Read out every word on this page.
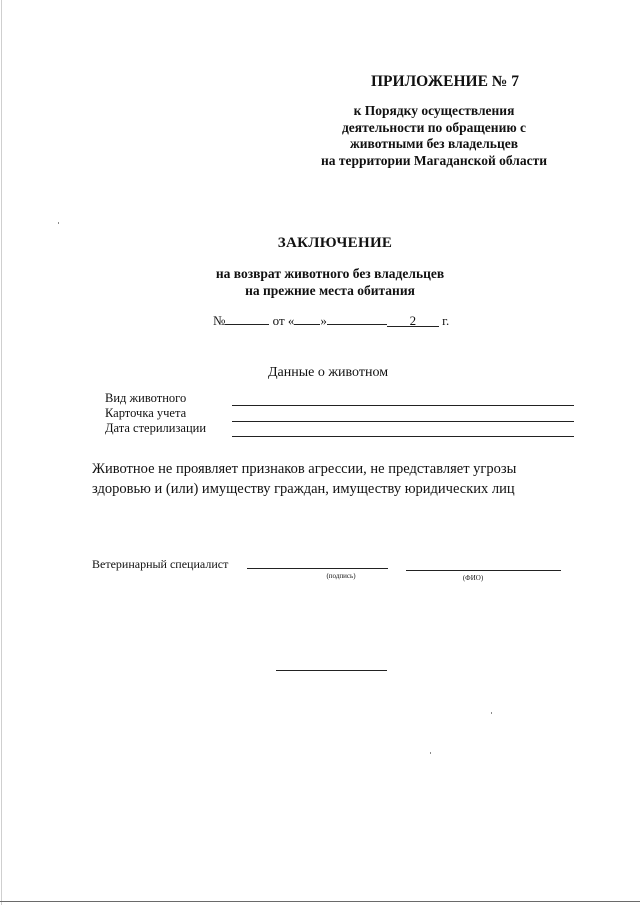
ПРИЛОЖЕНИЕ № 7
к Порядку осуществления
деятельности по обращению с
животными без владельцев
на территории Магаданской области
ЗАКЛЮЧЕНИЕ
на возврат животного без владельцев
на прежние места обитания
№	от « »	2 г.
Данные о животном
Вид животного
Карточка учета
Дата стерилизации
Животное не проявляет признаков агрессии, не представляет угрозы здоровью и (или) имуществу граждан, имуществу юридических лиц
Ветеринарный специалист
(подпись)	(ФИО)
